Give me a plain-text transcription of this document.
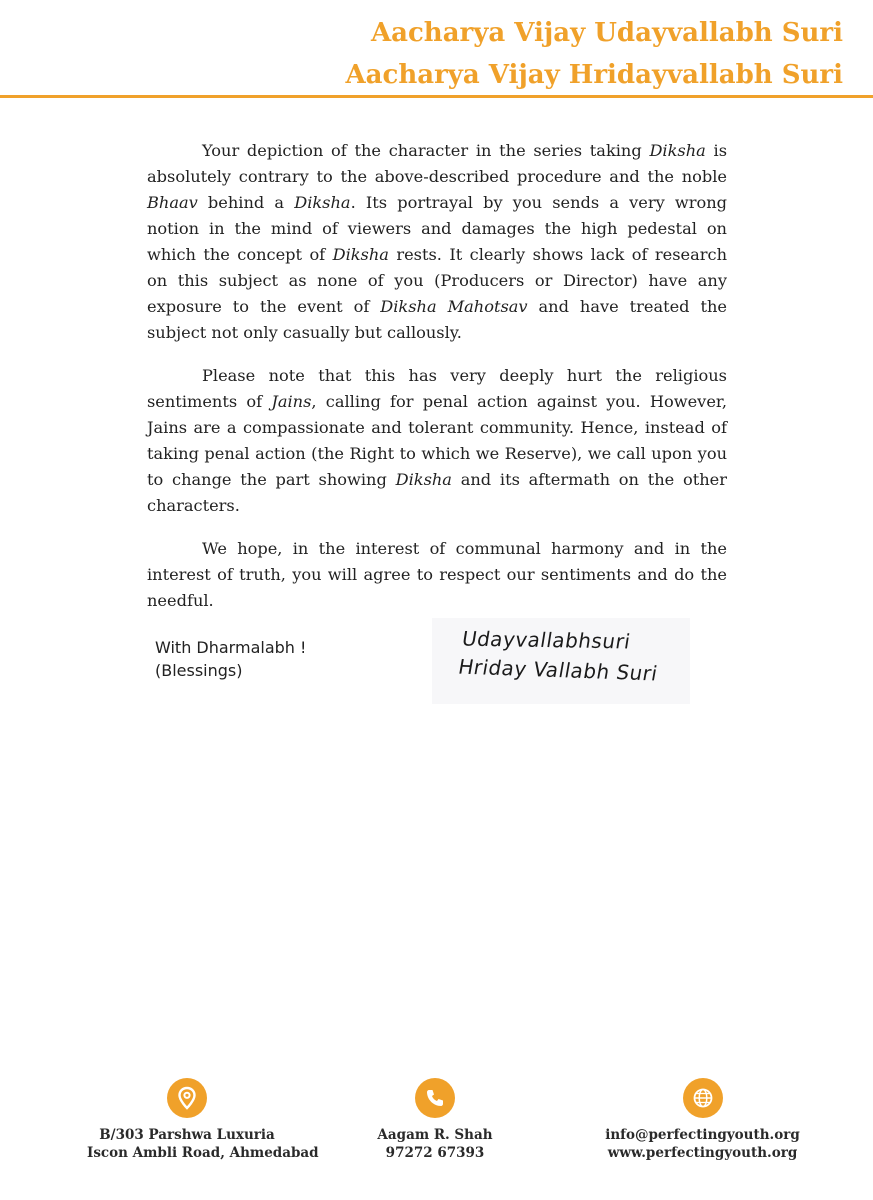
Aacharya Vijay Udayvallabh Suri
Aacharya Vijay Hridayvallabh Suri

Your depiction of the character in the series taking Diksha is absolutely contrary to the above-described procedure and the noble Bhaav behind a Diksha. Its portrayal by you sends a very wrong notion in the mind of viewers and damages the high pedestal on which the concept of Diksha rests. It clearly shows lack of research on this subject as none of you (Producers or Director) have any exposure to the event of Diksha Mahotsav and have treated the subject not only casually but callously.

Please note that this has very deeply hurt the religious sentiments of Jains, calling for penal action against you. However, Jains are a compassionate and tolerant community. Hence, instead of taking penal action (the Right to which we Reserve), we call upon you to change the part showing Diksha and its aftermath on the other characters.

We hope, in the interest of communal harmony and in the interest of truth, you will agree to respect our sentiments and do the needful.

With Dharmalabh !
(Blessings)
Udayvallabhsuri
Hriday Vallabh Suri
B/303 Parshwa Luxuria
Iscon Ambli Road, Ahmedabad
Aagam R. Shah
97272 67393
info@perfectingyouth.org
www.perfectingyouth.org
